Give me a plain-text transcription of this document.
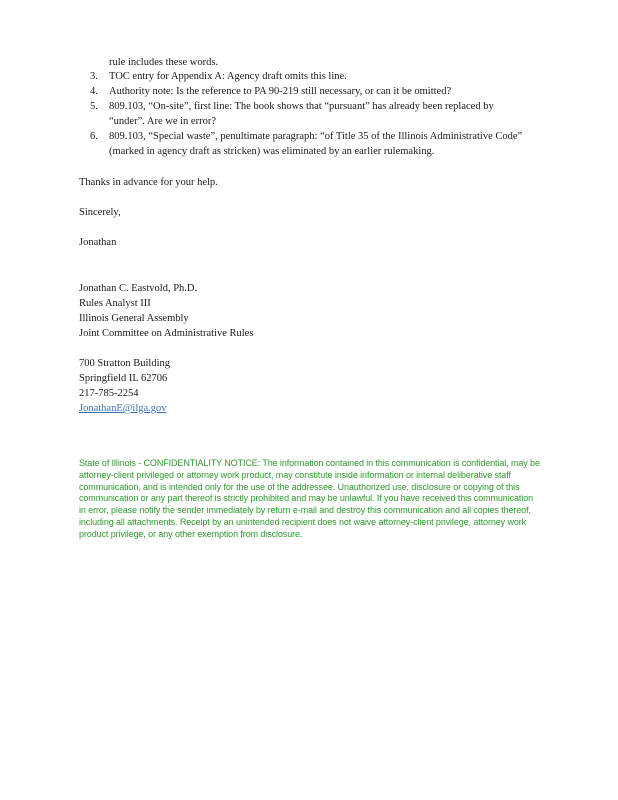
rule includes these words.
3. TOC entry for Appendix A: Agency draft omits this line.
4. Authority note: Is the reference to PA 90-219 still necessary, or can it be omitted?
5. 809.103, “On-site”, first line: The book shows that “pursuant” has already been replaced by “under”. Are we in error?
6. 809.103, “Special waste”, penultimate paragraph: “of Title 35 of the Illinois Administrative Code” (marked in agency draft as stricken) was eliminated by an earlier rulemaking.

Thanks in advance for your help.

Sincerely,

Jonathan

Jonathan C. Eastvold, Ph.D.
Rules Analyst III
Illinois General Assembly
Joint Committee on Administrative Rules
700 Stratton Building
Springfield IL 62706
217-785-2254
JonathanE@ilga.gov
State of Illinois - CONFIDENTIALITY NOTICE: The information contained in this communication is confidential, may be attorney-client privileged or attorney work product, may constitute inside information or internal deliberative staff communication, and is intended only for the use of the addressee. Unauthorized use, disclosure or copying of this communication or any part thereof is strictly prohibited and may be unlawful. If you have received this communication in error, please notify the sender immediately by return e-mail and destroy this communication and all copies thereof, including all attachments. Receipt by an unintended recipient does not waive attorney-client privilege, attorney work product privilege, or any other exemption from disclosure.
